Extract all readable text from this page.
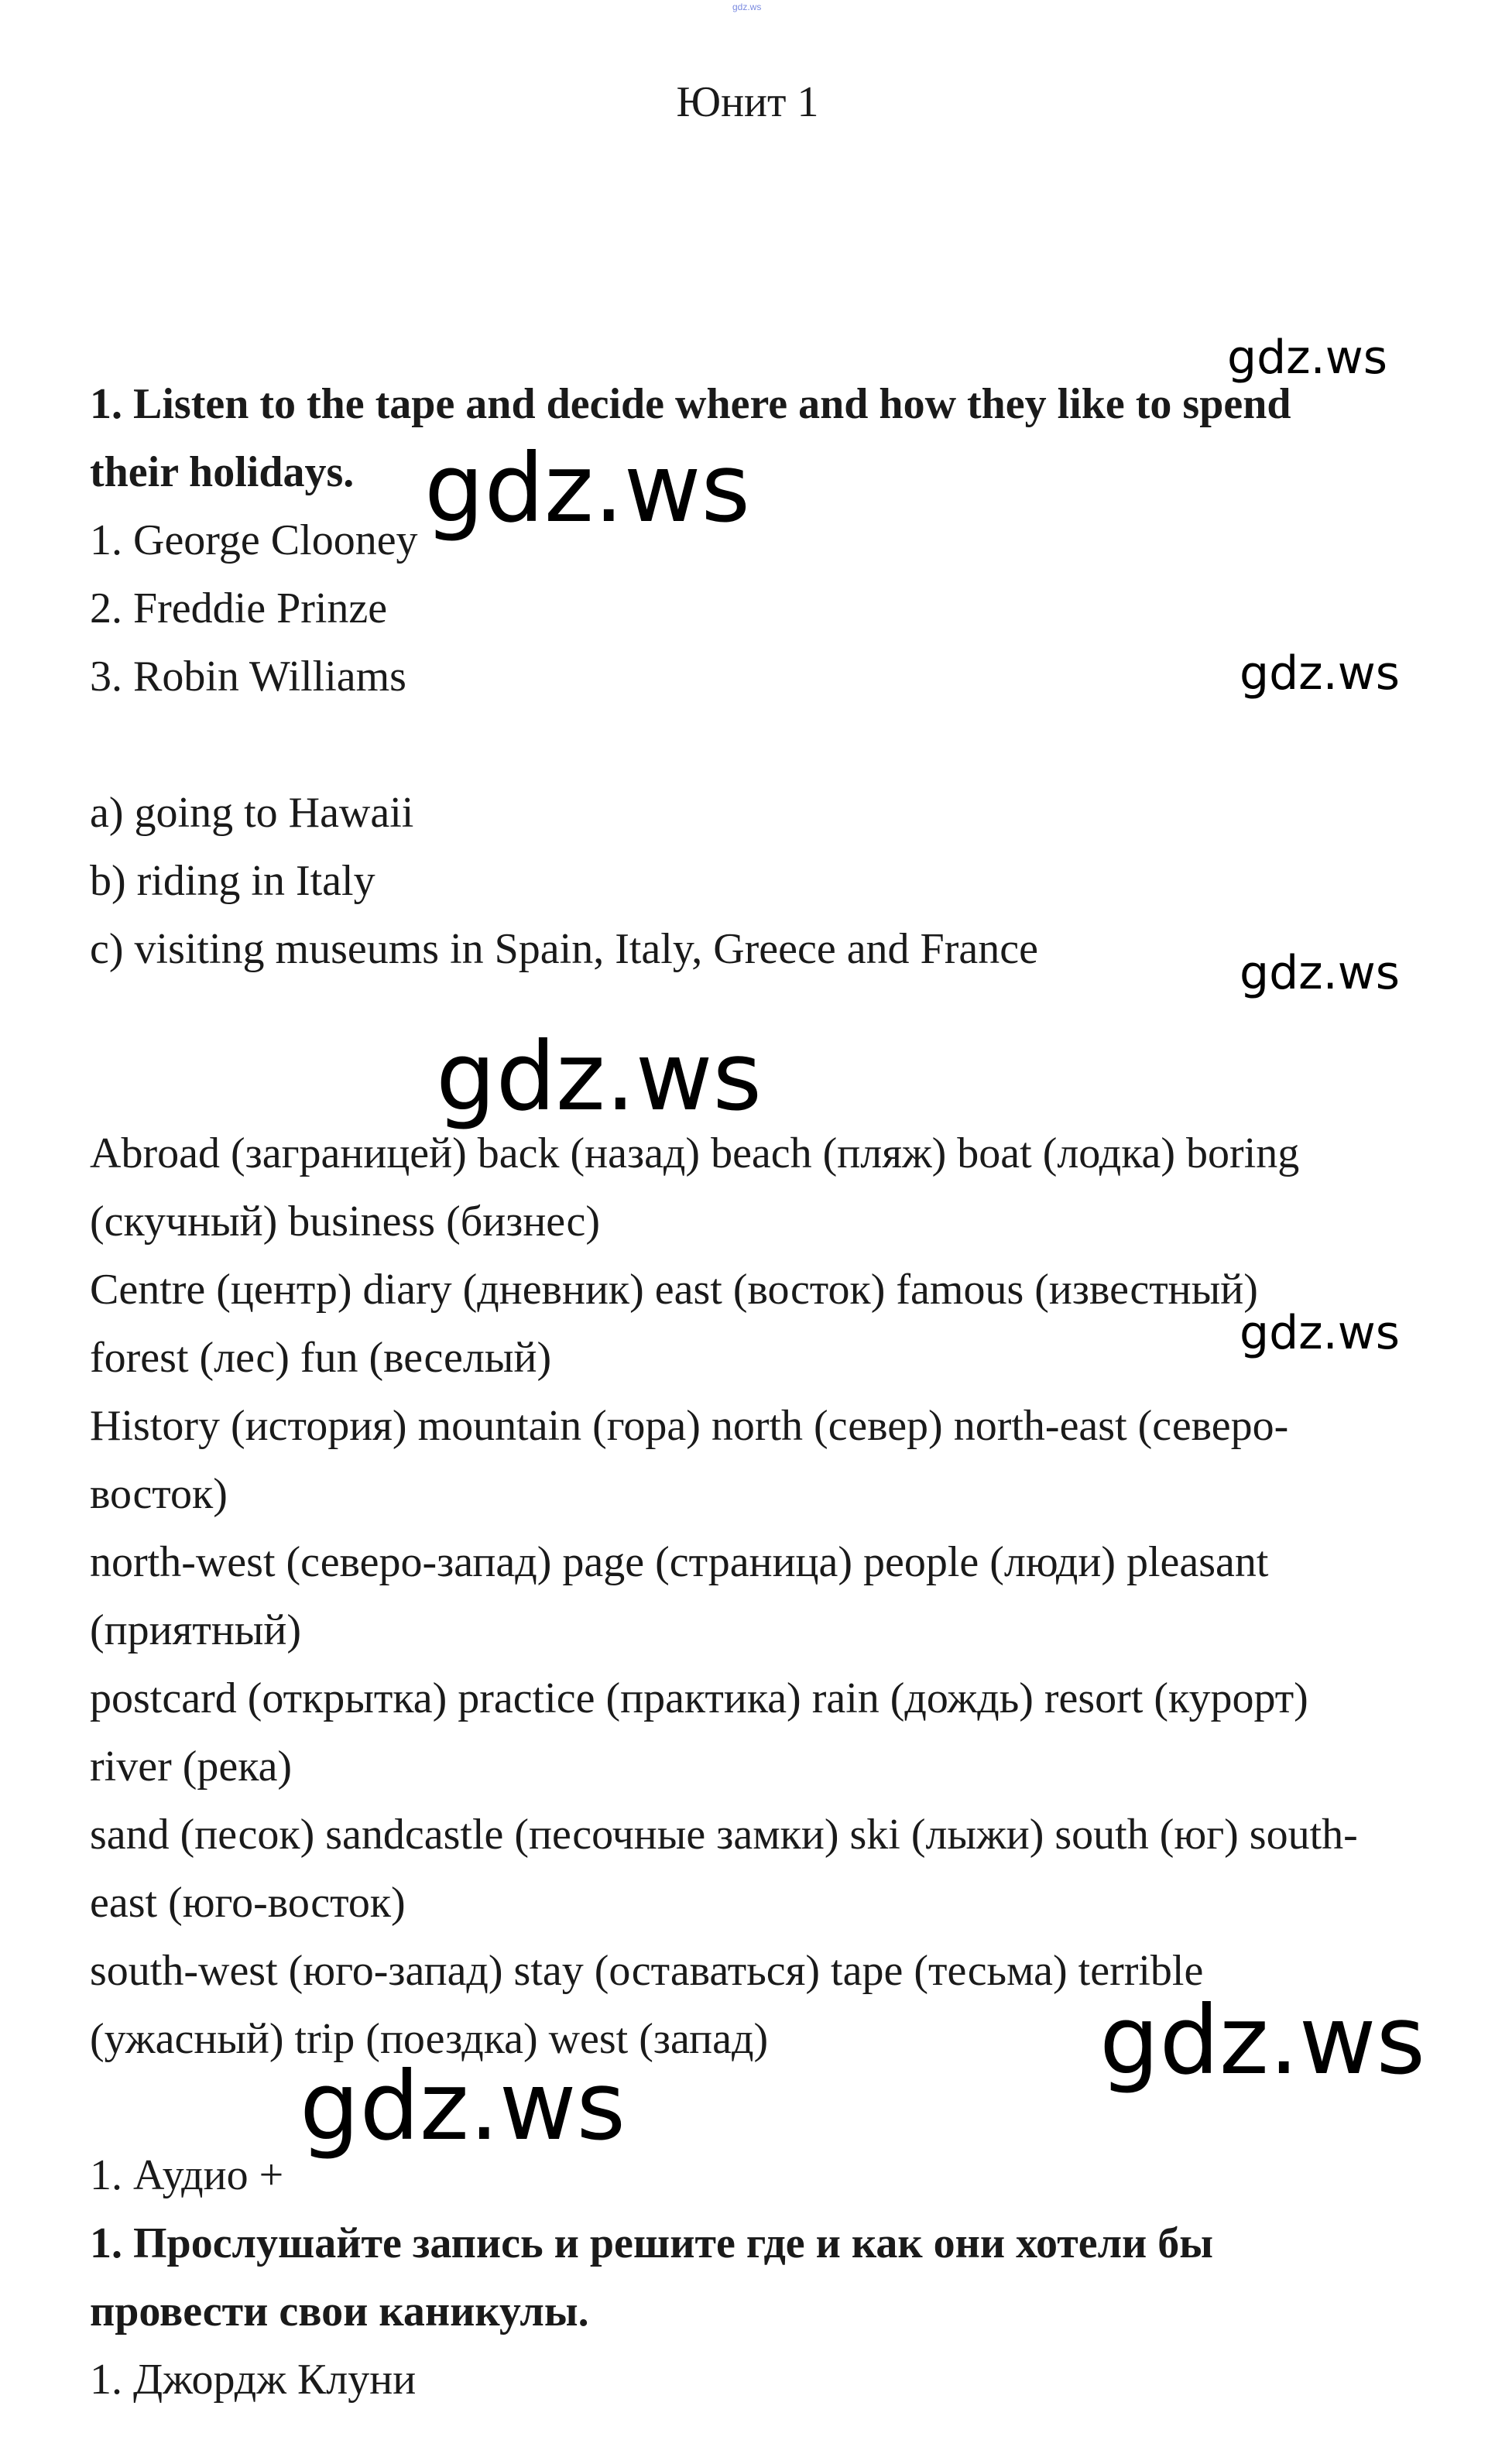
gdz.ws
Юнит 1

1. Listen to the tape and decide where and how they like to spend

their holidays.

1. George Clooney

2. Freddie Prinze

3. Robin Williams

a) going to Hawaii

b) riding in Italy

c) visiting museums in Spain, Italy, Greece and France

Abroad (заграницей) back (назад) beach (пляж) boat (лодка) boring

(скучный) business (бизнес)

Centre (центр) diary (дневник) east (восток) famous (известный)

forest (лес) fun (веселый)

History (история) mountain (гора) north (север) north-east (северо-

восток)

north-west (северо-запад) page (страница) people (люди) pleasant

(приятный)

postcard (открытка) practice (практика) rain (дождь) resort (курорт)

river (река)

sand (песок) sandcastle (песочные замки) ski (лыжи) south (юг) south-

east (юго-восток)

south-west (юго-запад) stay (оставаться) tape (тесьма) terrible

(ужасный) trip (поездка) west (запад)

1. Аудио +

1. Прослушайте запись и решите где и как они хотели бы

провести свои каникулы.

1. Джордж Клуни

gdz.ws
gdz.ws
gdz.ws
gdz.ws
gdz.ws
gdz.ws
gdz.ws
gdz.ws
